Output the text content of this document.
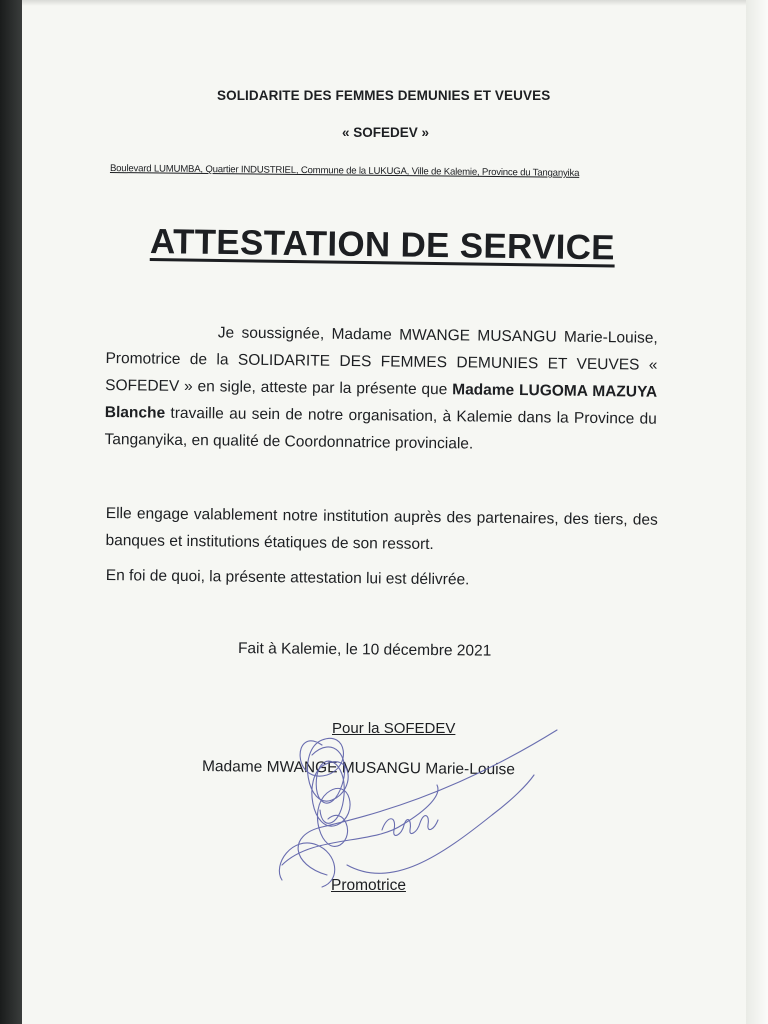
SOLIDARITE DES FEMMES DEMUNIES ET VEUVES
« SOFEDEV »
Boulevard LUMUMBA, Quartier INDUSTRIEL, Commune de la LUKUGA, Ville de Kalemie, Province du Tanganyika
ATTESTATION DE SERVICE
Je soussignée, Madame MWANGE MUSANGU Marie-Louise, Promotrice de la SOLIDARITE DES FEMMES DEMUNIES ET VEUVES « SOFEDEV » en sigle, atteste par la présente que Madame LUGOMA MAZUYA Blanche travaille au sein de notre organisation, à Kalemie dans la Province du Tanganyika, en qualité de Coordonnatrice provinciale.
Elle engage valablement notre institution auprès des partenaires, des tiers, des banques et institutions étatiques de son ressort.
En foi de quoi, la présente attestation lui est délivrée.
Fait à Kalemie, le 10 décembre 2021
Pour la SOFEDEV
Madame MWANGE MUSANGU Marie-Louise
Promotrice
